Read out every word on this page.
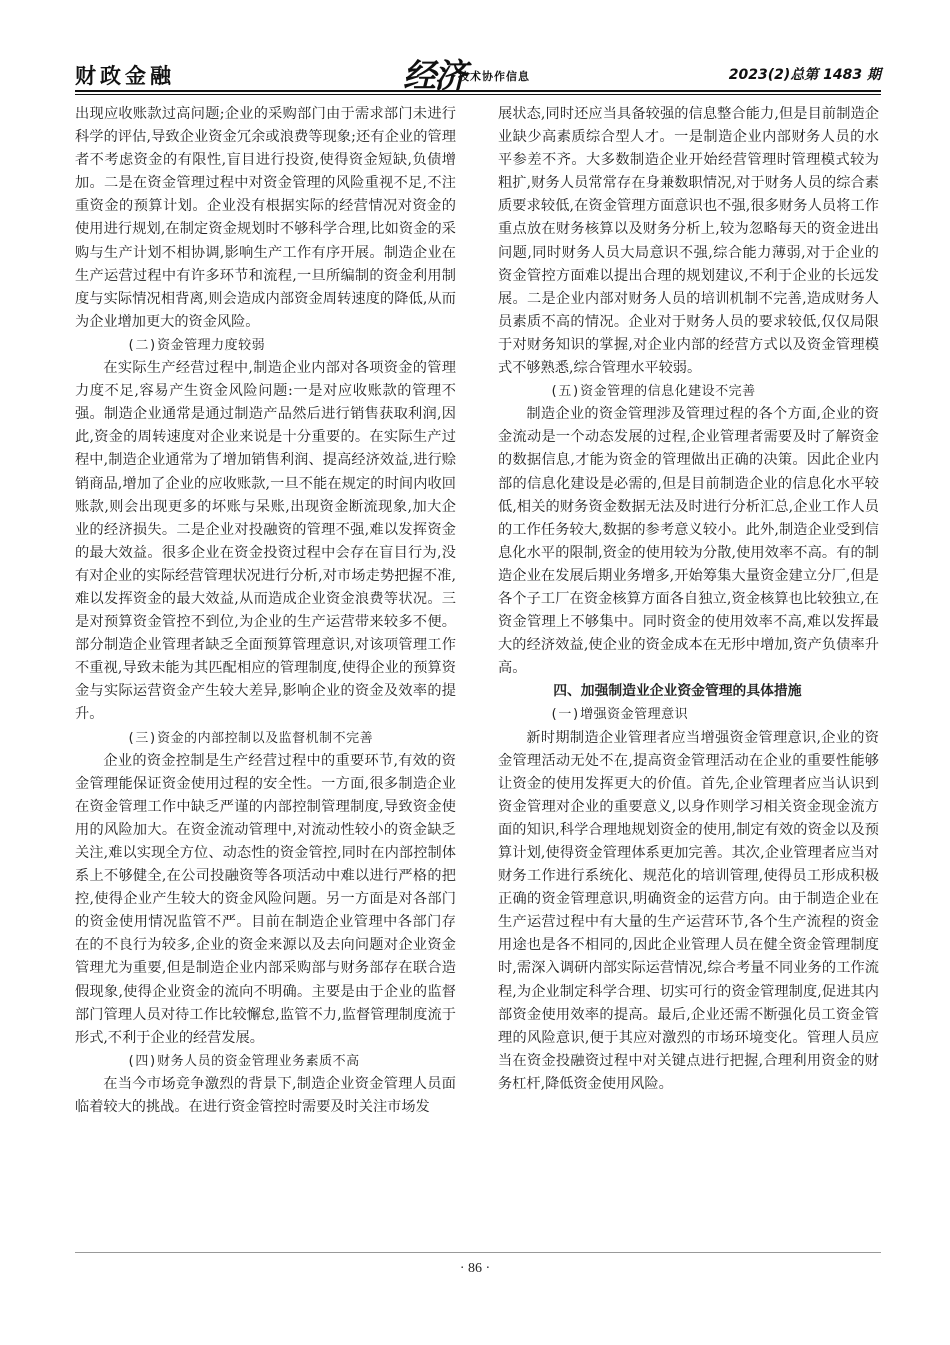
财政金融	经济
技术协作信息	2023(2)总第 1483 期

出现应收账款过高问题;企业的采购部门由于需求部门未进行科学的评估,导致企业资金冗余或浪费等现象;还有企业的管理者不考虑资金的有限性,盲目进行投资,使得资金短缺,负债增加。二是在资金管理过程中对资金管理的风险重视不足,不注重资金的预算计划。企业没有根据实际的经营情况对资金的使用进行规划,在制定资金规划时不够科学合理,比如资金的采购与生产计划不相协调,影响生产工作有序开展。制造企业在生产运营过程中有许多环节和流程,一旦所编制的资金利用制度与实际情况相背离,则会造成内部资金周转速度的降低,从而为企业增加更大的资金风险。

(二)资金管理力度较弱

在实际生产经营过程中,制造企业内部对各项资金的管理力度不足,容易产生资金风险问题:一是对应收账款的管理不强。制造企业通常是通过制造产品然后进行销售获取利润,因此,资金的周转速度对企业来说是十分重要的。在实际生产过程中,制造企业通常为了增加销售利润、提高经济效益,进行赊销商品,增加了企业的应收账款,一旦不能在规定的时间内收回账款,则会出现更多的坏账与呆账,出现资金断流现象,加大企业的经济损失。二是企业对投融资的管理不强,难以发挥资金的最大效益。很多企业在资金投资过程中会存在盲目行为,没有对企业的实际经营管理状况进行分析,对市场走势把握不准,难以发挥资金的最大效益,从而造成企业资金浪费等状况。三是对预算资金管控不到位,为企业的生产运营带来较多不便。部分制造企业管理者缺乏全面预算管理意识,对该项管理工作不重视,导致未能为其匹配相应的管理制度,使得企业的预算资金与实际运营资金产生较大差异,影响企业的资金及效率的提升。

(三)资金的内部控制以及监督机制不完善

企业的资金控制是生产经营过程中的重要环节,有效的资金管理能保证资金使用过程的安全性。一方面,很多制造企业在资金管理工作中缺乏严谨的内部控制管理制度,导致资金使用的风险加大。在资金流动管理中,对流动性较小的资金缺乏关注,难以实现全方位、动态性的资金管控,同时在内部控制体系上不够健全,在公司投融资等各项活动中难以进行严格的把控,使得企业产生较大的资金风险问题。另一方面是对各部门的资金使用情况监管不严。目前在制造企业管理中各部门存在的不良行为较多,企业的资金来源以及去向问题对企业资金管理尤为重要,但是制造企业内部采购部与财务部存在联合造假现象,使得企业资金的流向不明确。主要是由于企业的监督部门管理人员对待工作比较懈怠,监管不力,监督管理制度流于形式,不利于企业的经营发展。

(四)财务人员的资金管理业务素质不高

在当今市场竞争激烈的背景下,制造企业资金管理人员面临着较大的挑战。在进行资金管控时需要及时关注市场发

展状态,同时还应当具备较强的信息整合能力,但是目前制造企业缺少高素质综合型人才。一是制造企业内部财务人员的水平参差不齐。大多数制造企业开始经营管理时管理模式较为粗扩,财务人员常常存在身兼数职情况,对于财务人员的综合素质要求较低,在资金管理方面意识也不强,很多财务人员将工作重点放在财务核算以及财务分析上,较为忽略每天的资金进出问题,同时财务人员大局意识不强,综合能力薄弱,对于企业的资金管控方面难以提出合理的规划建议,不利于企业的长远发展。二是企业内部对财务人员的培训机制不完善,造成财务人员素质不高的情况。企业对于财务人员的要求较低,仅仅局限于对财务知识的掌握,对企业内部的经营方式以及资金管理模式不够熟悉,综合管理水平较弱。

(五)资金管理的信息化建设不完善

制造企业的资金管理涉及管理过程的各个方面,企业的资金流动是一个动态发展的过程,企业管理者需要及时了解资金的数据信息,才能为资金的管理做出正确的决策。因此企业内部的信息化建设是必需的,但是目前制造企业的信息化水平较低,相关的财务资金数据无法及时进行分析汇总,企业工作人员的工作任务较大,数据的参考意义较小。此外,制造企业受到信息化水平的限制,资金的使用较为分散,使用效率不高。有的制造企业在发展后期业务增多,开始筹集大量资金建立分厂,但是各个子工厂在资金核算方面各自独立,资金核算也比较独立,在资金管理上不够集中。同时资金的使用效率不高,难以发挥最大的经济效益,使企业的资金成本在无形中增加,资产负债率升高。

四、加强制造业企业资金管理的具体措施

(一)增强资金管理意识

新时期制造企业管理者应当增强资金管理意识,企业的资金管理活动无处不在,提高资金管理活动在企业的重要性能够让资金的使用发挥更大的价值。首先,企业管理者应当认识到资金管理对企业的重要意义,以身作则学习相关资金现金流方面的知识,科学合理地规划资金的使用,制定有效的资金以及预算计划,使得资金管理体系更加完善。其次,企业管理者应当对财务工作进行系统化、规范化的培训管理,使得员工形成积极正确的资金管理意识,明确资金的运营方向。由于制造企业在生产运营过程中有大量的生产运营环节,各个生产流程的资金用途也是各不相同的,因此企业管理人员在健全资金管理制度时,需深入调研内部实际运营情况,综合考量不同业务的工作流程,为企业制定科学合理、切实可行的资金管理制度,促进其内部资金使用效率的提高。最后,企业还需不断强化员工资金管理的风险意识,便于其应对激烈的市场环境变化。管理人员应当在资金投融资过程中对关键点进行把握,合理利用资金的财务杠杆,降低资金使用风险。

· 86 ·
